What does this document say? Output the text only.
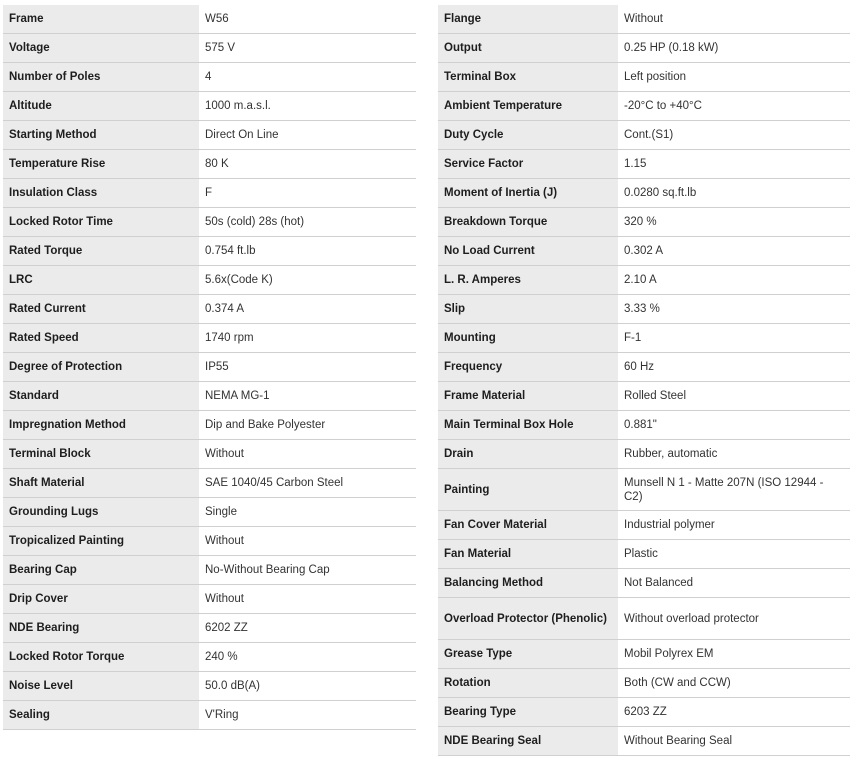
Frame	W56
Voltage	575 V
Number of Poles	4
Altitude	1000 m.a.s.l.
Starting Method	Direct On Line
Temperature Rise	80 K
Insulation Class	F
Locked Rotor Time	50s (cold) 28s (hot)
Rated Torque	0.754 ft.lb
LRC	5.6x(Code K)
Rated Current	0.374 A
Rated Speed	1740 rpm
Degree of Protection	IP55
Standard	NEMA MG-1
Impregnation Method	Dip and Bake Polyester
Terminal Block	Without
Shaft Material	SAE 1040/45 Carbon Steel
Grounding Lugs	Single
Tropicalized Painting	Without
Bearing Cap	No-Without Bearing Cap
Drip Cover	Without
NDE Bearing	6202 ZZ
Locked Rotor Torque	240 %
Noise Level	50.0 dB(A)
Sealing	V'Ring
Flange	Without
Output	0.25 HP (0.18 kW)
Terminal Box	Left position
Ambient Temperature	-20°C to +40°C
Duty Cycle	Cont.(S1)
Service Factor	1.15
Moment of Inertia (J)	0.0280 sq.ft.lb
Breakdown Torque	320 %
No Load Current	0.302 A
L. R. Amperes	2.10 A
Slip	3.33 %
Mounting	F-1
Frequency	60 Hz
Frame Material	Rolled Steel
Main Terminal Box Hole	0.881"
Drain	Rubber, automatic
Painting	Munsell N 1 - Matte 207N (ISO 12944 - C2)
Fan Cover Material	Industrial polymer
Fan Material	Plastic
Balancing Method	Not Balanced
Overload Protector (Phenolic)	Without overload protector
Grease Type	Mobil Polyrex EM
Rotation	Both (CW and CCW)
Bearing Type	6203 ZZ
NDE Bearing Seal	Without Bearing Seal
